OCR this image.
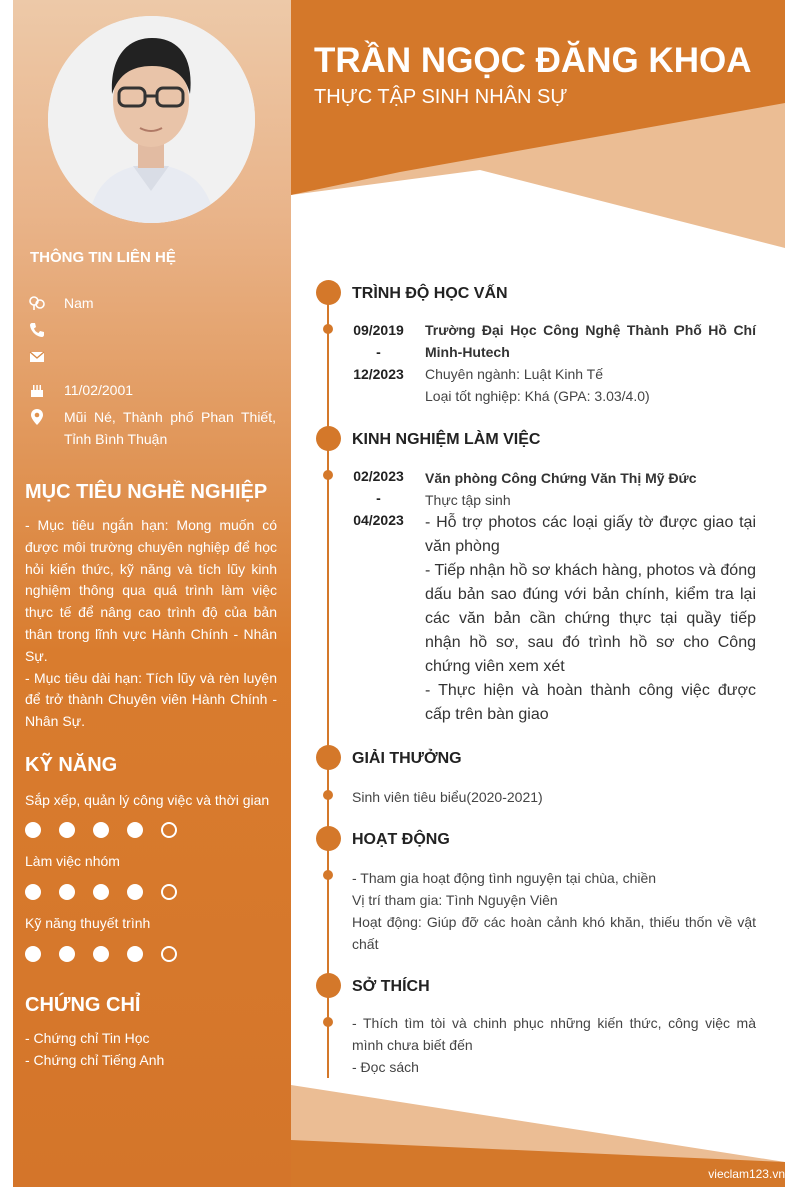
THÔNG TIN LIÊN HỆ
Nam
11/02/2001
Mũi Né, Thành phố Phan Thiết, Tỉnh Bình Thuận
MỤC TIÊU NGHỀ NGHIỆP

- Mục tiêu ngắn hạn: Mong muốn có được môi trường chuyên nghiệp để học hỏi kiến thức, kỹ năng và tích lũy kinh nghiệm thông qua quá trình làm việc thực tế để nâng cao trình độ của bản thân trong lĩnh vực Hành Chính - Nhân Sự.

- Mục tiêu dài hạn: Tích lũy và rèn luyện để trở thành Chuyên viên Hành Chính - Nhân Sự.

KỸ NĂNG
Sắp xếp, quản lý công việc và thời gian
Làm việc nhóm
Kỹ năng thuyết trình
CHỨNG CHỈ

- Chứng chỉ Tin Học

- Chứng chỉ Tiếng Anh

TRẦN NGỌC ĐĂNG KHOA
THỰC TẬP SINH NHÂN SỰ
TRÌNH ĐỘ HỌC VẤN
09/2019
-
12/2023
Trường Đại Học Công Nghệ Thành Phố Hồ Chí Minh-Hutech
Chuyên ngành: Luật Kinh Tế
Loại tốt nghiệp: Khá (GPA: 3.03/4.0)
KINH NGHIỆM LÀM VIỆC
02/2023
-
04/2023
Văn phòng Công Chứng Văn Thị Mỹ Đức
Thực tập sinh
- Hỗ trợ photos các loại giấy tờ được giao tại văn phòng
- Tiếp nhận hồ sơ khách hàng, photos và đóng dấu bản sao đúng với bản chính, kiểm tra lại các văn bản cần chứng thực tại quầy tiếp nhận hồ sơ, sau đó trình hồ sơ cho Công chứng viên xem xét
- Thực hiện và hoàn thành công việc được cấp trên bàn giao
GIẢI THƯỞNG
Sinh viên tiêu biểu(2020-2021)
HOẠT ĐỘNG

- Tham gia hoạt động tình nguyện tại chùa, chiền

Vị trí tham gia: Tình Nguyện Viên

Hoạt động: Giúp đỡ các hoàn cảnh khó khăn, thiếu thốn về vật chất

SỞ THÍCH

- Thích tìm tòi và chinh phục những kiến thức, công việc mà mình chưa biết đến

- Đọc sách

vieclam123.vn
